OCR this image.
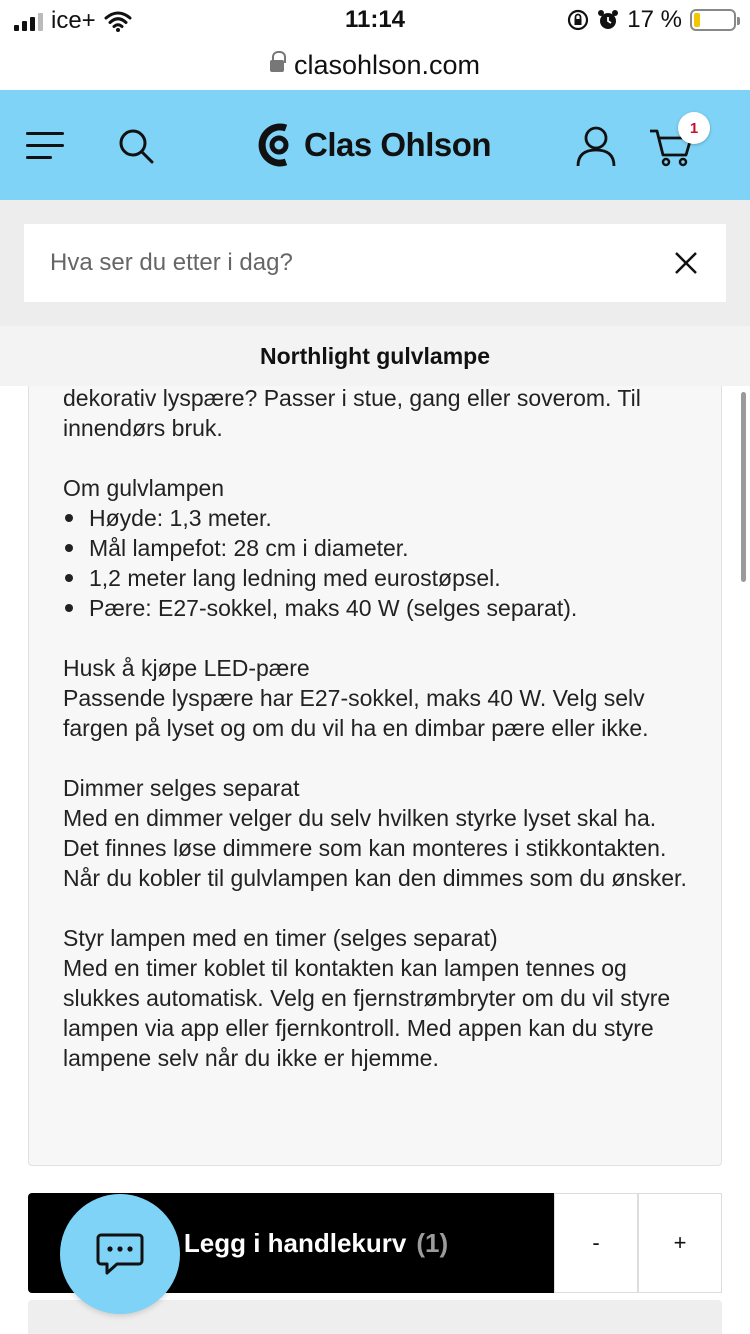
ice+	11:14	17 %
clasohlson.com
Clas Ohlson	1
Hva ser du etter i dag?
Northlight gulvlampe

dekorativ lyspære? Passer i stue, gang eller soverom. Til innendørs bruk.

Om gulvlampen

Høyde: 1,3 meter.
Mål lampefot: 28 cm i diameter.
1,2 meter lang ledning med eurostøpsel.
Pære: E27-sokkel, maks 40 W (selges separat).

Husk å kjøpe LED-pære

Passende lyspære har E27-sokkel, maks 40 W. Velg selv fargen på lyset og om du vil ha en dimbar pære eller ikke.

Dimmer selges separat

Med en dimmer velger du selv hvilken styrke lyset skal ha. Det finnes løse dimmere som kan monteres i stikkontakten. Når du kobler til gulvlampen kan den dimmes som du ønsker.

Styr lampen med en timer (selges separat)

Med en timer koblet til kontakten kan lampen tennes og slukkes automatisk. Velg en fjernstrømbryter om du vil styre lampen via app eller fjernkontroll. Med appen kan du styre lampene selv når du ikke er hjemme.

Legg i handlekurv (1)	-	+
